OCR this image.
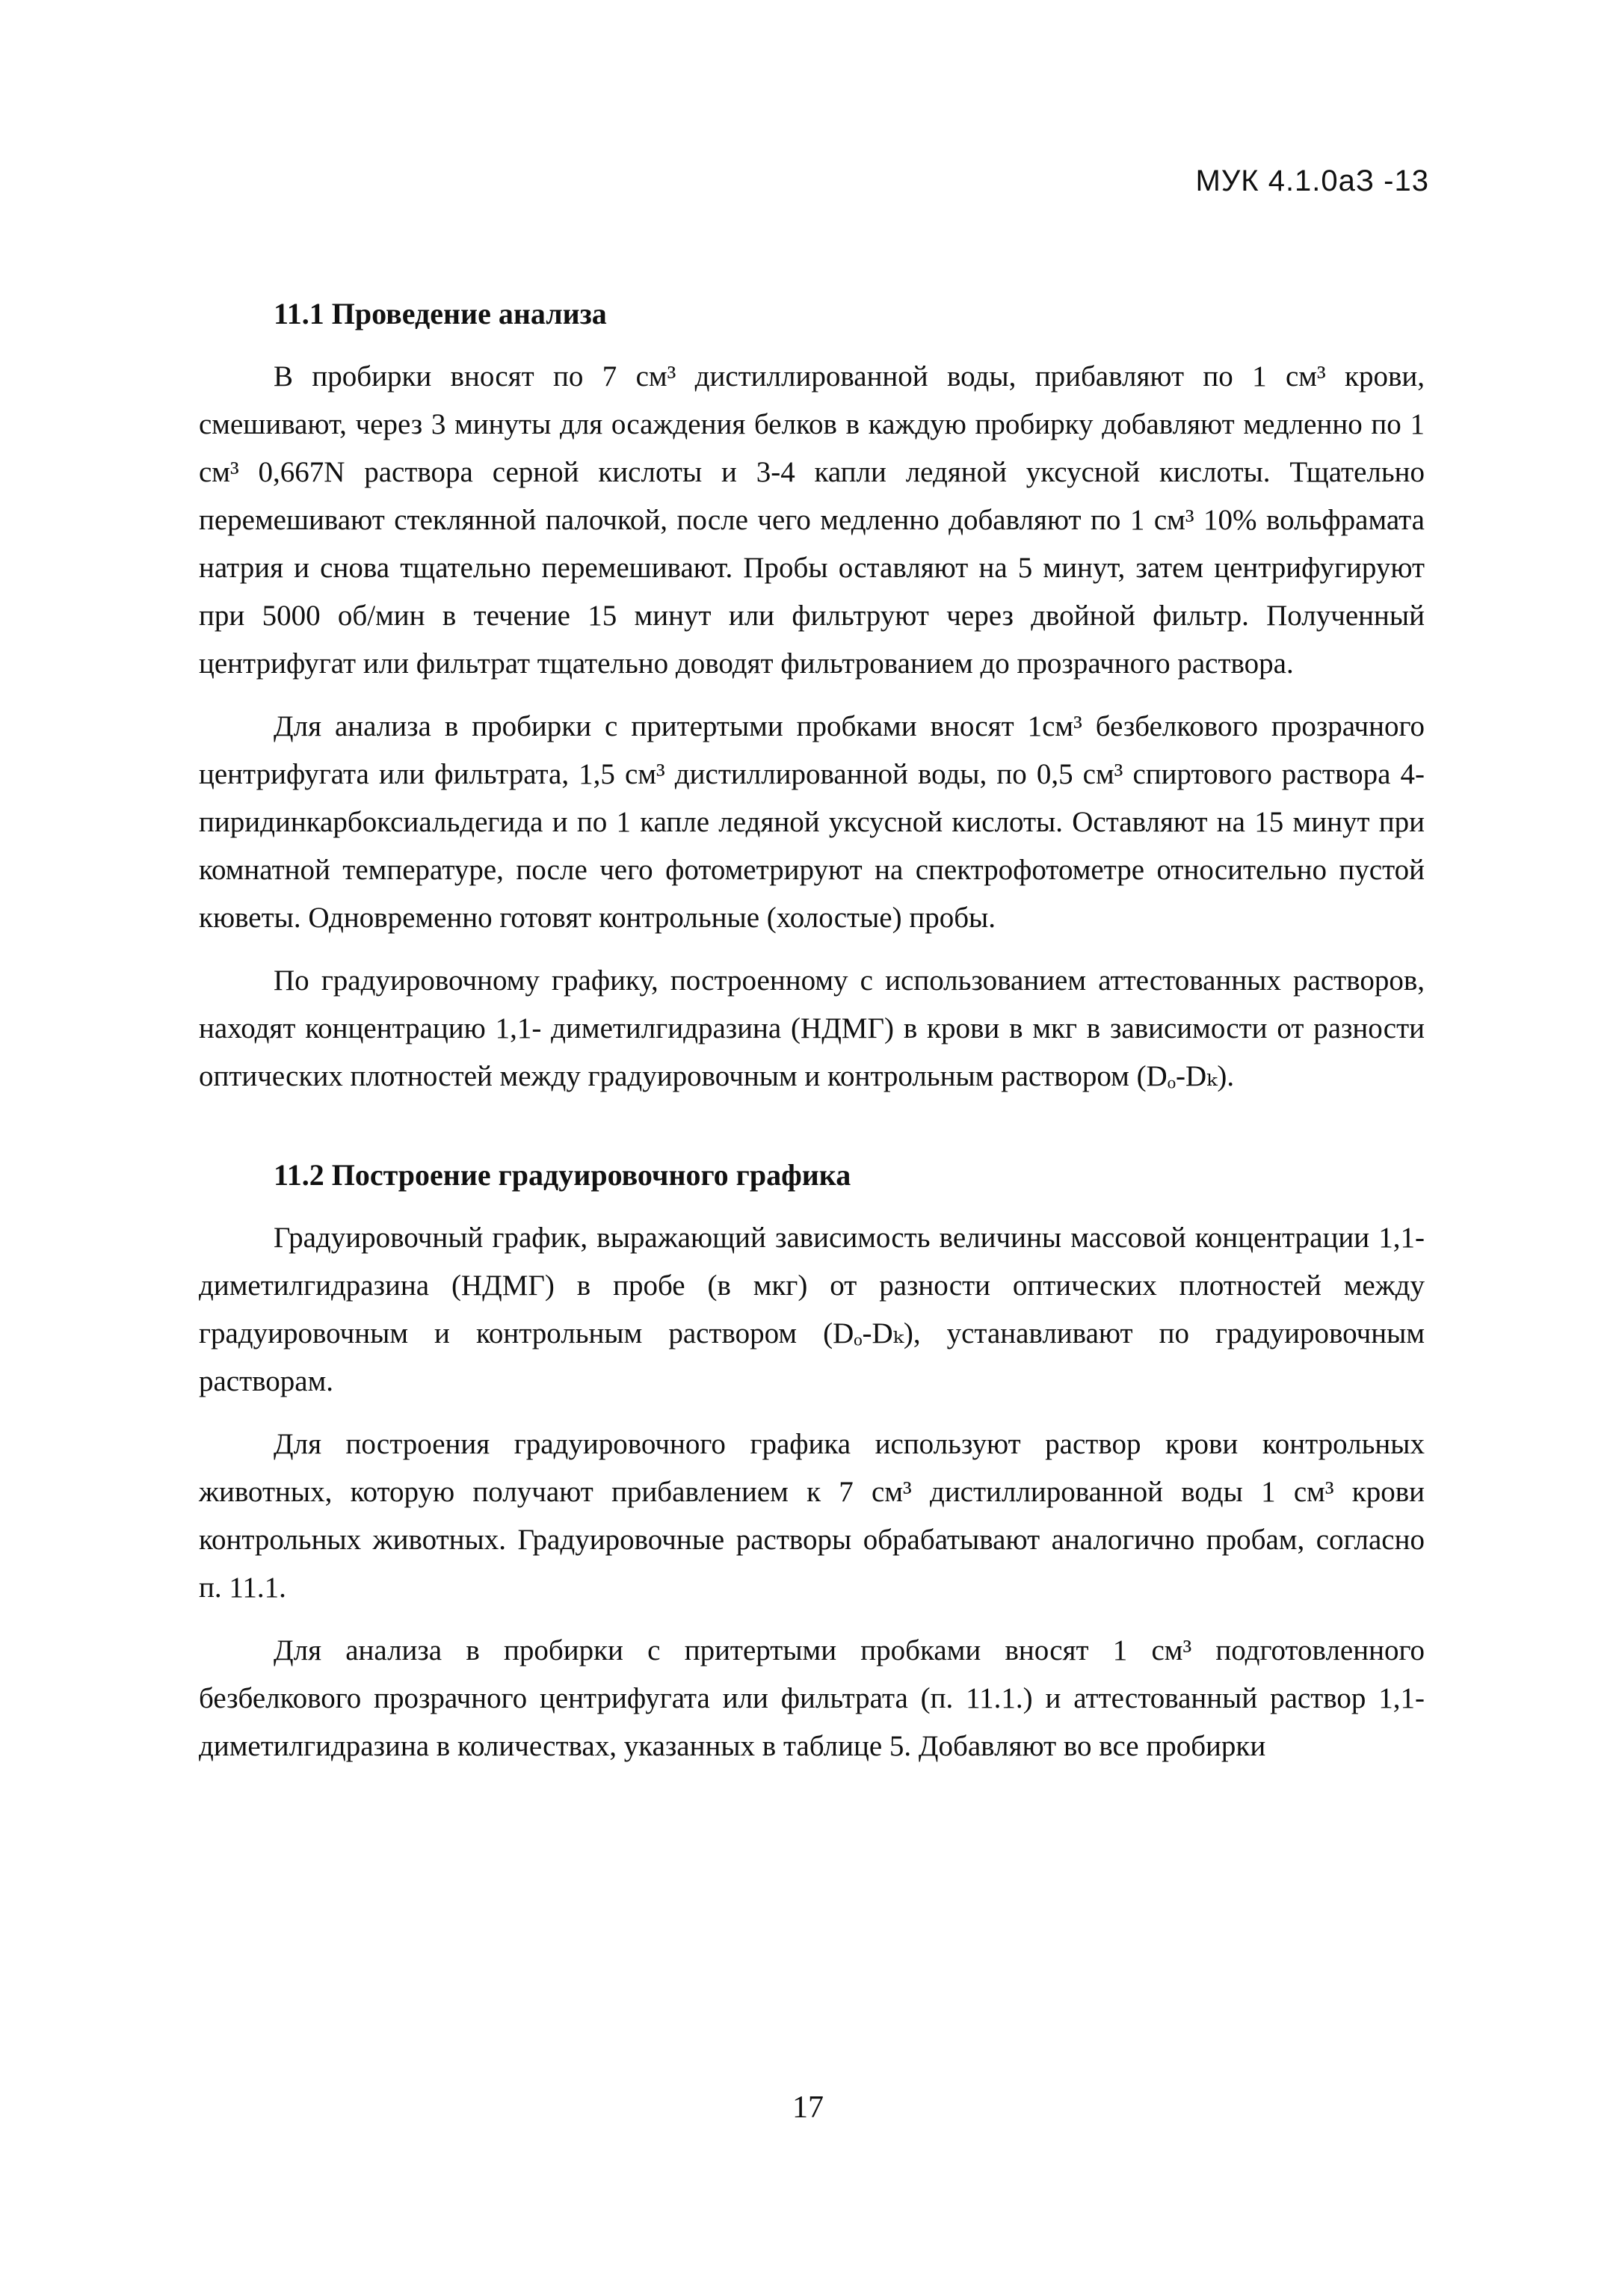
МУК 4.1.0аЗ -13
11.1 Проведение анализа

В пробирки вносят по 7 см³ дистиллированной воды, прибавляют по 1 см³ крови, смешивают, через 3 минуты для осаждения белков в каждую пробирку добавляют медленно по 1 см³ 0,667N раствора серной кислоты и 3-4 капли ледяной уксусной кислоты. Тщательно перемешивают стеклянной палочкой, после чего медленно добавляют по 1 см³ 10% вольфрамата натрия и снова тщательно перемешивают. Пробы оставляют на 5 минут, затем центрифугируют при 5000 об/мин в течение 15 минут или фильтруют через двойной фильтр. Полученный центрифугат или фильтрат тщательно доводят фильтрованием до прозрачного раствора.

Для анализа в пробирки с притертыми пробками вносят 1см³ безбелкового прозрачного центрифугата или фильтрата, 1,5 см³ дистиллированной воды, по 0,5 см³ спиртового раствора 4-пиридинкарбоксиальдегида и по 1 капле ледяной уксусной кислоты. Оставляют на 15 минут при комнатной температуре, после чего фотометрируют на спектрофотометре относительно пустой кюветы. Одновременно готовят контрольные (холостые) пробы.

По градуировочному графику, построенному с использованием аттестованных растворов, находят концентрацию 1,1- диметилгидразина (НДМГ) в крови в мкг в зависимости от разности оптических плотностей между градуировочным и контрольным раствором (Dₒ-Dₖ).

11.2 Построение градуировочного графика

Градуировочный график, выражающий зависимость величины массовой концентрации 1,1- диметилгидразина (НДМГ) в пробе (в мкг) от разности оптических плотностей между градуировочным и контрольным раствором (Dₒ-Dₖ), устанавливают по градуировочным растворам.

Для построения градуировочного графика используют раствор крови контрольных животных, которую получают прибавлением к 7 см³ дистиллированной воды 1 см³ крови контрольных животных. Градуировочные растворы обрабатывают аналогично пробам, согласно п. 11.1.

Для анализа в пробирки с притертыми пробками вносят 1 см³ подготовленного безбелкового прозрачного центрифугата или фильтрата (п. 11.1.) и аттестованный раствор 1,1-диметилгидразина в количествах, указанных в таблице 5. Добавляют во все пробирки

17
